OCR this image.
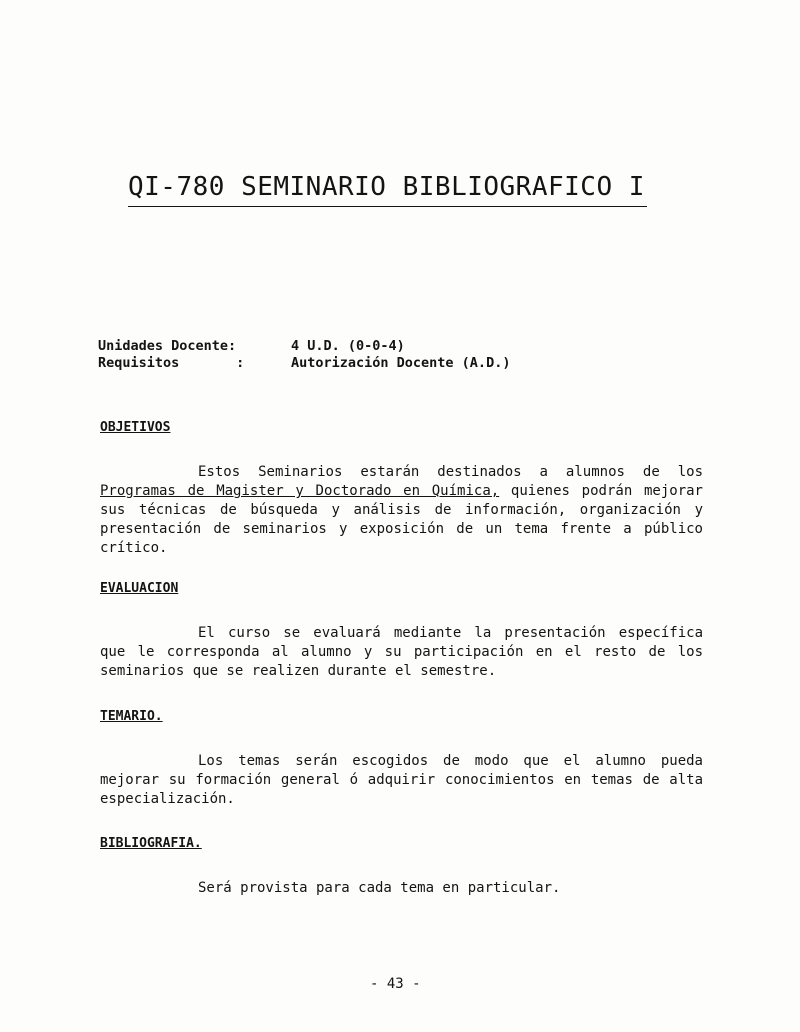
QI-780 SEMINARIO BIBLIOGRAFICO I
Unidades Docente:	4 U.D. (0-0-4)
Requisitos       :	Autorización Docente (A.D.)
OBJETIVOS
Estos Seminarios estarán destinados a alumnos de los Programas de Magister y Doctorado en Química, quienes podrán mejorar sus técnicas de búsqueda y análisis de información, organización y presentación de seminarios y exposición de un tema frente a público crítico.
EVALUACION
El curso se evaluará mediante la presentación específica que le corresponda al alumno y su participación en el resto de los seminarios que se realizen durante el semestre.
TEMARIO.
Los temas serán escogidos de modo que el alumno pueda mejorar su formación general ó adquirir conocimientos en temas de alta especialización.
BIBLIOGRAFIA.
Será provista para cada tema en particular.
- 43 -
